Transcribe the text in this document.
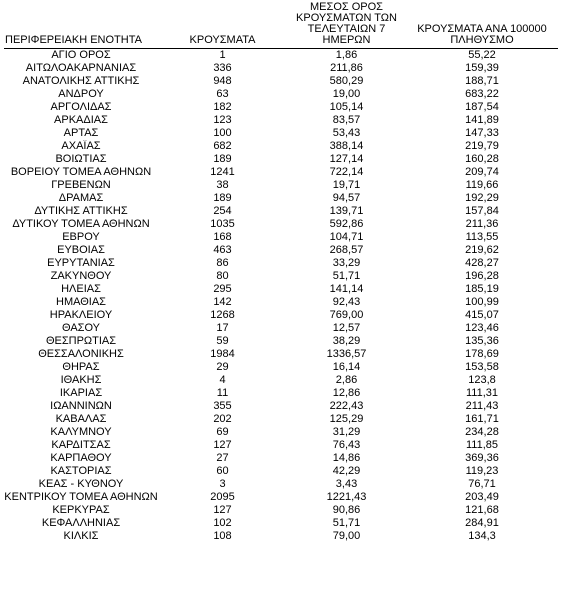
ΠΕΡΙΦΕΡΕΙΑΚΗ ΕΝΟΤΗΤΑ	ΚΡΟΥΣΜΑΤΑ	ΜΕΣΟΣ ΟΡΟΣ
ΚΡΟΥΣΜΑΤΩΝ ΤΩΝ
ΤΕΛΕΥΤΑΙΩΝ 7 ΗΜΕΡΩΝ	ΚΡΟΥΣΜΑΤΑ ΑΝΑ 100000
ΠΛΗΘΥΣΜΟ

ΑΓΙΟ ΟΡΟΣ	1	1,86	55,22
ΑΙΤΩΛΟΑΚΑΡΝΑΝΙΑΣ	336	211,86	159,39
ΑΝΑΤΟΛΙΚΗΣ ΑΤΤΙΚΗΣ	948	580,29	188,71
ΑΝΔΡΟΥ	63	19,00	683,22
ΑΡΓΟΛΙΔΑΣ	182	105,14	187,54
ΑΡΚΑΔΙΑΣ	123	83,57	141,89
ΑΡΤΑΣ	100	53,43	147,33
ΑΧΑΪΑΣ	682	388,14	219,79
ΒΟΙΩΤΙΑΣ	189	127,14	160,28
ΒΟΡΕΙΟΥ ΤΟΜΕΑ ΑΘΗΝΩΝ	1241	722,14	209,74
ΓΡΕΒΕΝΩΝ	38	19,71	119,66
ΔΡΑΜΑΣ	189	94,57	192,29
ΔΥΤΙΚΗΣ ΑΤΤΙΚΗΣ	254	139,71	157,84
ΔΥΤΙΚΟΥ ΤΟΜΕΑ ΑΘΗΝΩΝ	1035	592,86	211,36
ΕΒΡΟΥ	168	104,71	113,55
ΕΥΒΟΙΑΣ	463	268,57	219,62
ΕΥΡΥΤΑΝΙΑΣ	86	33,29	428,27
ΖΑΚΥΝΘΟΥ	80	51,71	196,28
ΗΛΕΙΑΣ	295	141,14	185,19
ΗΜΑΘΙΑΣ	142	92,43	100,99
ΗΡΑΚΛΕΙΟΥ	1268	769,00	415,07
ΘΑΣΟΥ	17	12,57	123,46
ΘΕΣΠΡΩΤΙΑΣ	59	38,29	135,36
ΘΕΣΣΑΛΟΝΙΚΗΣ	1984	1336,57	178,69
ΘΗΡΑΣ	29	16,14	153,58
ΙΘΑΚΗΣ	4	2,86	123,8
ΙΚΑΡΙΑΣ	11	12,86	111,31
ΙΩΑΝΝΙΝΩΝ	355	222,43	211,43
ΚΑΒΑΛΑΣ	202	125,29	161,71
ΚΑΛΥΜΝΟΥ	69	31,29	234,28
ΚΑΡΔΙΤΣΑΣ	127	76,43	111,85
ΚΑΡΠΑΘΟΥ	27	14,86	369,36
ΚΑΣΤΟΡΙΑΣ	60	42,29	119,23
ΚΕΑΣ - ΚΥΘΝΟΥ	3	3,43	76,71
ΚΕΝΤΡΙΚΟΥ ΤΟΜΕΑ ΑΘΗΝΩΝ	2095	1221,43	203,49
ΚΕΡΚΥΡΑΣ	127	90,86	121,68
ΚΕΦΑΛΛΗΝΙΑΣ	102	51,71	284,91
ΚΙΛΚΙΣ	108	79,00	134,3
